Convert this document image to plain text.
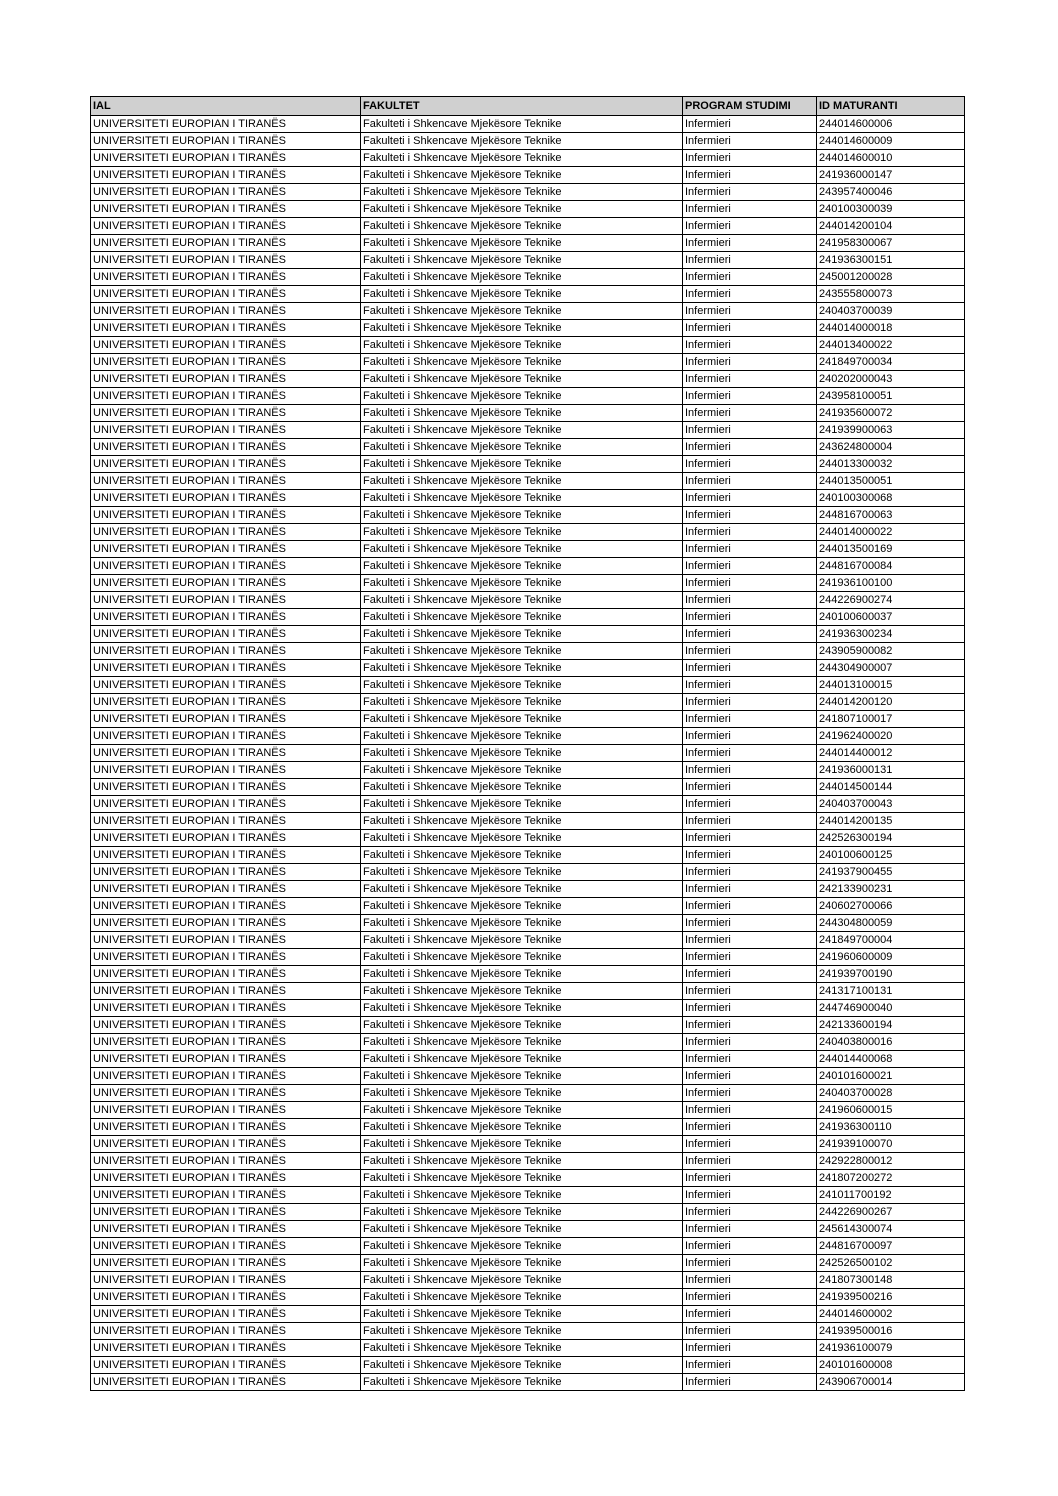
IAL	FAKULTET	PROGRAM STUDIMI	ID MATURANTI
UNIVERSITETI EUROPIAN I TIRANËS	Fakulteti i Shkencave Mjekësore Teknike	Infermieri	244014600006
UNIVERSITETI EUROPIAN I TIRANËS	Fakulteti i Shkencave Mjekësore Teknike	Infermieri	244014600009
UNIVERSITETI EUROPIAN I TIRANËS	Fakulteti i Shkencave Mjekësore Teknike	Infermieri	244014600010
UNIVERSITETI EUROPIAN I TIRANËS	Fakulteti i Shkencave Mjekësore Teknike	Infermieri	241936000147
UNIVERSITETI EUROPIAN I TIRANËS	Fakulteti i Shkencave Mjekësore Teknike	Infermieri	243957400046
UNIVERSITETI EUROPIAN I TIRANËS	Fakulteti i Shkencave Mjekësore Teknike	Infermieri	240100300039
UNIVERSITETI EUROPIAN I TIRANËS	Fakulteti i Shkencave Mjekësore Teknike	Infermieri	244014200104
UNIVERSITETI EUROPIAN I TIRANËS	Fakulteti i Shkencave Mjekësore Teknike	Infermieri	241958300067
UNIVERSITETI EUROPIAN I TIRANËS	Fakulteti i Shkencave Mjekësore Teknike	Infermieri	241936300151
UNIVERSITETI EUROPIAN I TIRANËS	Fakulteti i Shkencave Mjekësore Teknike	Infermieri	245001200028
UNIVERSITETI EUROPIAN I TIRANËS	Fakulteti i Shkencave Mjekësore Teknike	Infermieri	243555800073
UNIVERSITETI EUROPIAN I TIRANËS	Fakulteti i Shkencave Mjekësore Teknike	Infermieri	240403700039
UNIVERSITETI EUROPIAN I TIRANËS	Fakulteti i Shkencave Mjekësore Teknike	Infermieri	244014000018
UNIVERSITETI EUROPIAN I TIRANËS	Fakulteti i Shkencave Mjekësore Teknike	Infermieri	244013400022
UNIVERSITETI EUROPIAN I TIRANËS	Fakulteti i Shkencave Mjekësore Teknike	Infermieri	241849700034
UNIVERSITETI EUROPIAN I TIRANËS	Fakulteti i Shkencave Mjekësore Teknike	Infermieri	240202000043
UNIVERSITETI EUROPIAN I TIRANËS	Fakulteti i Shkencave Mjekësore Teknike	Infermieri	243958100051
UNIVERSITETI EUROPIAN I TIRANËS	Fakulteti i Shkencave Mjekësore Teknike	Infermieri	241935600072
UNIVERSITETI EUROPIAN I TIRANËS	Fakulteti i Shkencave Mjekësore Teknike	Infermieri	241939900063
UNIVERSITETI EUROPIAN I TIRANËS	Fakulteti i Shkencave Mjekësore Teknike	Infermieri	243624800004
UNIVERSITETI EUROPIAN I TIRANËS	Fakulteti i Shkencave Mjekësore Teknike	Infermieri	244013300032
UNIVERSITETI EUROPIAN I TIRANËS	Fakulteti i Shkencave Mjekësore Teknike	Infermieri	244013500051
UNIVERSITETI EUROPIAN I TIRANËS	Fakulteti i Shkencave Mjekësore Teknike	Infermieri	240100300068
UNIVERSITETI EUROPIAN I TIRANËS	Fakulteti i Shkencave Mjekësore Teknike	Infermieri	244816700063
UNIVERSITETI EUROPIAN I TIRANËS	Fakulteti i Shkencave Mjekësore Teknike	Infermieri	244014000022
UNIVERSITETI EUROPIAN I TIRANËS	Fakulteti i Shkencave Mjekësore Teknike	Infermieri	244013500169
UNIVERSITETI EUROPIAN I TIRANËS	Fakulteti i Shkencave Mjekësore Teknike	Infermieri	244816700084
UNIVERSITETI EUROPIAN I TIRANËS	Fakulteti i Shkencave Mjekësore Teknike	Infermieri	241936100100
UNIVERSITETI EUROPIAN I TIRANËS	Fakulteti i Shkencave Mjekësore Teknike	Infermieri	244226900274
UNIVERSITETI EUROPIAN I TIRANËS	Fakulteti i Shkencave Mjekësore Teknike	Infermieri	240100600037
UNIVERSITETI EUROPIAN I TIRANËS	Fakulteti i Shkencave Mjekësore Teknike	Infermieri	241936300234
UNIVERSITETI EUROPIAN I TIRANËS	Fakulteti i Shkencave Mjekësore Teknike	Infermieri	243905900082
UNIVERSITETI EUROPIAN I TIRANËS	Fakulteti i Shkencave Mjekësore Teknike	Infermieri	244304900007
UNIVERSITETI EUROPIAN I TIRANËS	Fakulteti i Shkencave Mjekësore Teknike	Infermieri	244013100015
UNIVERSITETI EUROPIAN I TIRANËS	Fakulteti i Shkencave Mjekësore Teknike	Infermieri	244014200120
UNIVERSITETI EUROPIAN I TIRANËS	Fakulteti i Shkencave Mjekësore Teknike	Infermieri	241807100017
UNIVERSITETI EUROPIAN I TIRANËS	Fakulteti i Shkencave Mjekësore Teknike	Infermieri	241962400020
UNIVERSITETI EUROPIAN I TIRANËS	Fakulteti i Shkencave Mjekësore Teknike	Infermieri	244014400012
UNIVERSITETI EUROPIAN I TIRANËS	Fakulteti i Shkencave Mjekësore Teknike	Infermieri	241936000131
UNIVERSITETI EUROPIAN I TIRANËS	Fakulteti i Shkencave Mjekësore Teknike	Infermieri	244014500144
UNIVERSITETI EUROPIAN I TIRANËS	Fakulteti i Shkencave Mjekësore Teknike	Infermieri	240403700043
UNIVERSITETI EUROPIAN I TIRANËS	Fakulteti i Shkencave Mjekësore Teknike	Infermieri	244014200135
UNIVERSITETI EUROPIAN I TIRANËS	Fakulteti i Shkencave Mjekësore Teknike	Infermieri	242526300194
UNIVERSITETI EUROPIAN I TIRANËS	Fakulteti i Shkencave Mjekësore Teknike	Infermieri	240100600125
UNIVERSITETI EUROPIAN I TIRANËS	Fakulteti i Shkencave Mjekësore Teknike	Infermieri	241937900455
UNIVERSITETI EUROPIAN I TIRANËS	Fakulteti i Shkencave Mjekësore Teknike	Infermieri	242133900231
UNIVERSITETI EUROPIAN I TIRANËS	Fakulteti i Shkencave Mjekësore Teknike	Infermieri	240602700066
UNIVERSITETI EUROPIAN I TIRANËS	Fakulteti i Shkencave Mjekësore Teknike	Infermieri	244304800059
UNIVERSITETI EUROPIAN I TIRANËS	Fakulteti i Shkencave Mjekësore Teknike	Infermieri	241849700004
UNIVERSITETI EUROPIAN I TIRANËS	Fakulteti i Shkencave Mjekësore Teknike	Infermieri	241960600009
UNIVERSITETI EUROPIAN I TIRANËS	Fakulteti i Shkencave Mjekësore Teknike	Infermieri	241939700190
UNIVERSITETI EUROPIAN I TIRANËS	Fakulteti i Shkencave Mjekësore Teknike	Infermieri	241317100131
UNIVERSITETI EUROPIAN I TIRANËS	Fakulteti i Shkencave Mjekësore Teknike	Infermieri	244746900040
UNIVERSITETI EUROPIAN I TIRANËS	Fakulteti i Shkencave Mjekësore Teknike	Infermieri	242133600194
UNIVERSITETI EUROPIAN I TIRANËS	Fakulteti i Shkencave Mjekësore Teknike	Infermieri	240403800016
UNIVERSITETI EUROPIAN I TIRANËS	Fakulteti i Shkencave Mjekësore Teknike	Infermieri	244014400068
UNIVERSITETI EUROPIAN I TIRANËS	Fakulteti i Shkencave Mjekësore Teknike	Infermieri	240101600021
UNIVERSITETI EUROPIAN I TIRANËS	Fakulteti i Shkencave Mjekësore Teknike	Infermieri	240403700028
UNIVERSITETI EUROPIAN I TIRANËS	Fakulteti i Shkencave Mjekësore Teknike	Infermieri	241960600015
UNIVERSITETI EUROPIAN I TIRANËS	Fakulteti i Shkencave Mjekësore Teknike	Infermieri	241936300110
UNIVERSITETI EUROPIAN I TIRANËS	Fakulteti i Shkencave Mjekësore Teknike	Infermieri	241939100070
UNIVERSITETI EUROPIAN I TIRANËS	Fakulteti i Shkencave Mjekësore Teknike	Infermieri	242922800012
UNIVERSITETI EUROPIAN I TIRANËS	Fakulteti i Shkencave Mjekësore Teknike	Infermieri	241807200272
UNIVERSITETI EUROPIAN I TIRANËS	Fakulteti i Shkencave Mjekësore Teknike	Infermieri	241011700192
UNIVERSITETI EUROPIAN I TIRANËS	Fakulteti i Shkencave Mjekësore Teknike	Infermieri	244226900267
UNIVERSITETI EUROPIAN I TIRANËS	Fakulteti i Shkencave Mjekësore Teknike	Infermieri	245614300074
UNIVERSITETI EUROPIAN I TIRANËS	Fakulteti i Shkencave Mjekësore Teknike	Infermieri	244816700097
UNIVERSITETI EUROPIAN I TIRANËS	Fakulteti i Shkencave Mjekësore Teknike	Infermieri	242526500102
UNIVERSITETI EUROPIAN I TIRANËS	Fakulteti i Shkencave Mjekësore Teknike	Infermieri	241807300148
UNIVERSITETI EUROPIAN I TIRANËS	Fakulteti i Shkencave Mjekësore Teknike	Infermieri	241939500216
UNIVERSITETI EUROPIAN I TIRANËS	Fakulteti i Shkencave Mjekësore Teknike	Infermieri	244014600002
UNIVERSITETI EUROPIAN I TIRANËS	Fakulteti i Shkencave Mjekësore Teknike	Infermieri	241939500016
UNIVERSITETI EUROPIAN I TIRANËS	Fakulteti i Shkencave Mjekësore Teknike	Infermieri	241936100079
UNIVERSITETI EUROPIAN I TIRANËS	Fakulteti i Shkencave Mjekësore Teknike	Infermieri	240101600008
UNIVERSITETI EUROPIAN I TIRANËS	Fakulteti i Shkencave Mjekësore Teknike	Infermieri	243906700014
